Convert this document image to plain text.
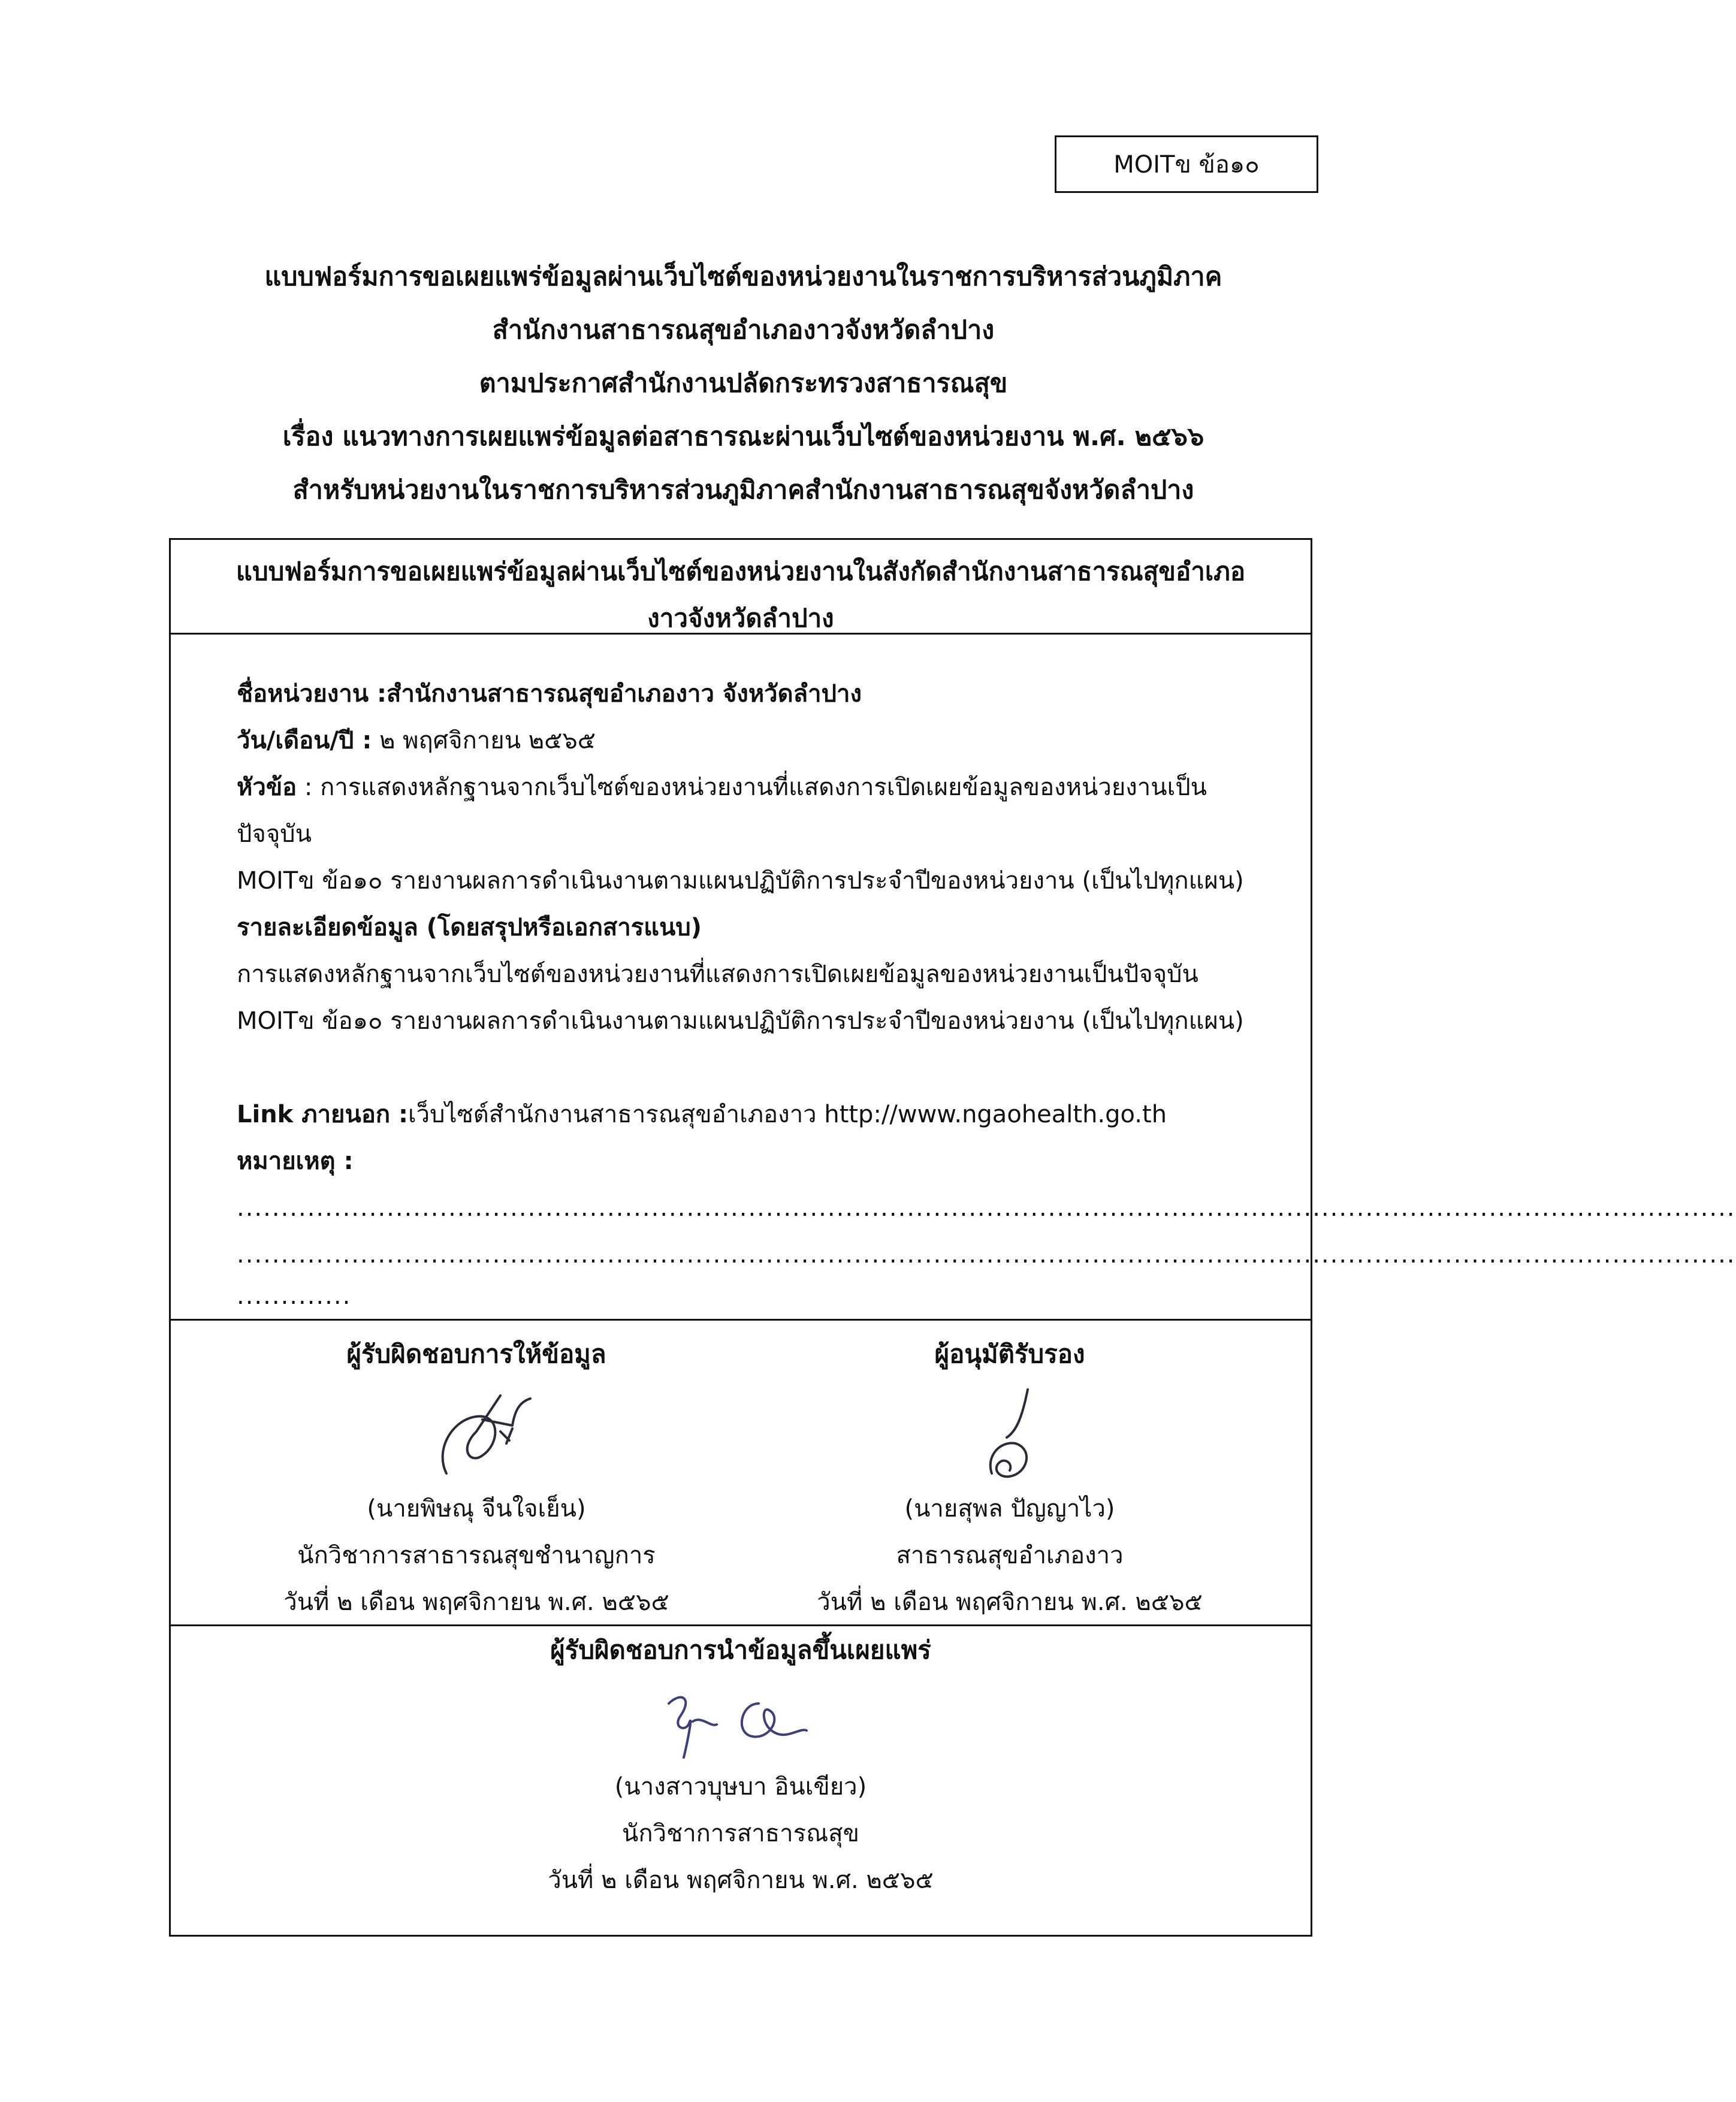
MOITข ข้อ๑๐
แบบฟอร์มการขอเผยแพร่ข้อมูลผ่านเว็บไซต์ของหน่วยงานในราชการบริหารส่วนภูมิภาค
สำนักงานสาธารณสุขอำเภองาวจังหวัดลำปาง
ตามประกาศสำนักงานปลัดกระทรวงสาธารณสุข
เรื่อง แนวทางการเผยแพร่ข้อมูลต่อสาธารณะผ่านเว็บไซต์ของหน่วยงาน พ.ศ. ๒๕๖๖
สำหรับหน่วยงานในราชการบริหารส่วนภูมิภาคสำนักงานสาธารณสุขจังหวัดลำปาง
แบบฟอร์มการขอเผยแพร่ข้อมูลผ่านเว็บไซต์ของหน่วยงานในสังกัดสำนักงานสาธารณสุขอำเภอ
งาวจังหวัดลำปาง
ชื่อหน่วยงาน :สำนักงานสาธารณสุขอำเภองาว จังหวัดลำปาง
วัน/เดือน/ปี : ๒ พฤศจิกายน ๒๕๖๕
หัวข้อ : การแสดงหลักฐานจากเว็บไซต์ของหน่วยงานที่แสดงการเปิดเผยข้อมูลของหน่วยงานเป็น
ปัจจุบัน
MOITข ข้อ๑๐ รายงานผลการดำเนินงานตามแผนปฏิบัติการประจำปีของหน่วยงาน (เป็นไปทุกแผน)
รายละเอียดข้อมูล (โดยสรุปหรือเอกสารแนบ)
การแสดงหลักฐานจากเว็บไซต์ของหน่วยงานที่แสดงการเปิดเผยข้อมูลของหน่วยงานเป็นปัจจุบัน
MOITข ข้อ๑๐ รายงานผลการดำเนินงานตามแผนปฏิบัติการประจำปีของหน่วยงาน (เป็นไปทุกแผน)
Link ภายนอก :เว็บไซต์สำนักงานสาธารณสุขอำเภองาว http://www.ngaohealth.go.th
หมายเหตุ :
..........................................................................................................................................................................
..........................................................................................................................................................................
.............
ผู้รับผิดชอบการให้ข้อมูล
(นายพิษณุ จีนใจเย็น)
นักวิชาการสาธารณสุขชำนาญการ
วันที่ ๒ เดือน พฤศจิกายน พ.ศ. ๒๕๖๕
ผู้อนุมัติรับรอง
(นายสุพล ปัญญาไว)
สาธารณสุขอำเภองาว
วันที่ ๒ เดือน พฤศจิกายน พ.ศ. ๒๕๖๕
ผู้รับผิดชอบการนำข้อมูลขึ้นเผยแพร่
(นางสาวบุษบา อินเขียว)
นักวิชาการสาธารณสุข
วันที่ ๒ เดือน พฤศจิกายน พ.ศ. ๒๕๖๕
